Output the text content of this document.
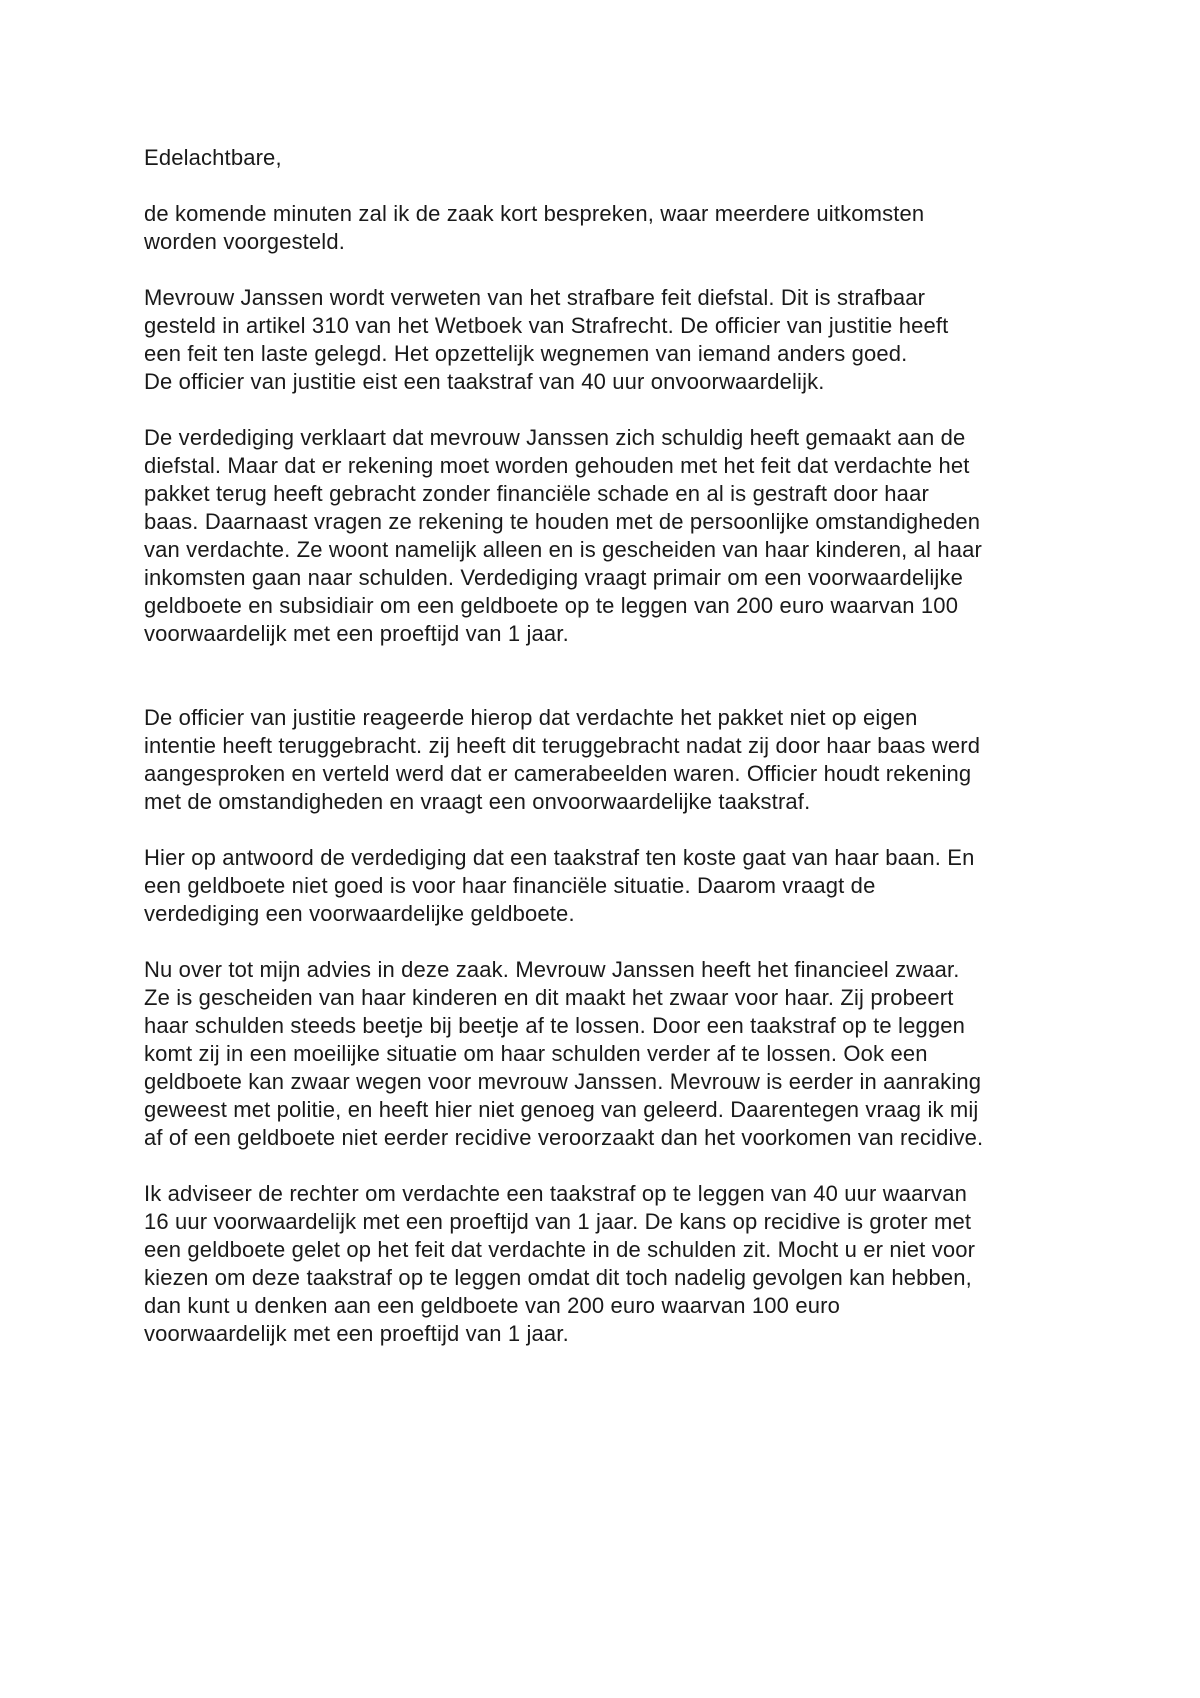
Edelachtbare,
de komende minuten zal ik de zaak kort bespreken, waar meerdere uitkomsten
worden voorgesteld.
Mevrouw Janssen wordt verweten van het strafbare feit diefstal. Dit is strafbaar
gesteld in artikel 310 van het Wetboek van Strafrecht. De officier van justitie heeft
een feit ten laste gelegd. Het opzettelijk wegnemen van iemand anders goed.
De officier van justitie eist een taakstraf van 40 uur onvoorwaardelijk.
De verdediging verklaart dat mevrouw Janssen zich schuldig heeft gemaakt aan de
diefstal. Maar dat er rekening moet worden gehouden met het feit dat verdachte het
pakket terug heeft gebracht zonder financiële schade en al is gestraft door haar
baas. Daarnaast vragen ze rekening te houden met de persoonlijke omstandigheden
van verdachte. Ze woont namelijk alleen en is gescheiden van haar kinderen, al haar
inkomsten gaan naar schulden. Verdediging vraagt primair om een voorwaardelijke
geldboete en subsidiair om een geldboete op te leggen van 200 euro waarvan 100
voorwaardelijk met een proeftijd van 1 jaar.
De officier van justitie reageerde hierop dat verdachte het pakket niet op eigen
intentie heeft teruggebracht. zij heeft dit teruggebracht nadat zij door haar baas werd
aangesproken en verteld werd dat er camerabeelden waren. Officier houdt rekening
met de omstandigheden en vraagt een onvoorwaardelijke taakstraf.
Hier op antwoord de verdediging dat een taakstraf ten koste gaat van haar baan. En
een geldboete niet goed is voor haar financiële situatie. Daarom vraagt de
verdediging een voorwaardelijke geldboete.
Nu over tot mijn advies in deze zaak. Mevrouw Janssen heeft het financieel zwaar.
Ze is gescheiden van haar kinderen en dit maakt het zwaar voor haar. Zij probeert
haar schulden steeds beetje bij beetje af te lossen. Door een taakstraf op te leggen
komt zij in een moeilijke situatie om haar schulden verder af te lossen. Ook een
geldboete kan zwaar wegen voor mevrouw Janssen. Mevrouw is eerder in aanraking
geweest met politie, en heeft hier niet genoeg van geleerd. Daarentegen vraag ik mij
af of een geldboete niet eerder recidive veroorzaakt dan het voorkomen van recidive.
Ik adviseer de rechter om verdachte een taakstraf op te leggen van 40 uur waarvan
16 uur voorwaardelijk met een proeftijd van 1 jaar. De kans op recidive is groter met
een geldboete gelet op het feit dat verdachte in de schulden zit. Mocht u er niet voor
kiezen om deze taakstraf op te leggen omdat dit toch nadelig gevolgen kan hebben,
dan kunt u denken aan een geldboete van 200 euro waarvan 100 euro
voorwaardelijk met een proeftijd van 1 jaar.
